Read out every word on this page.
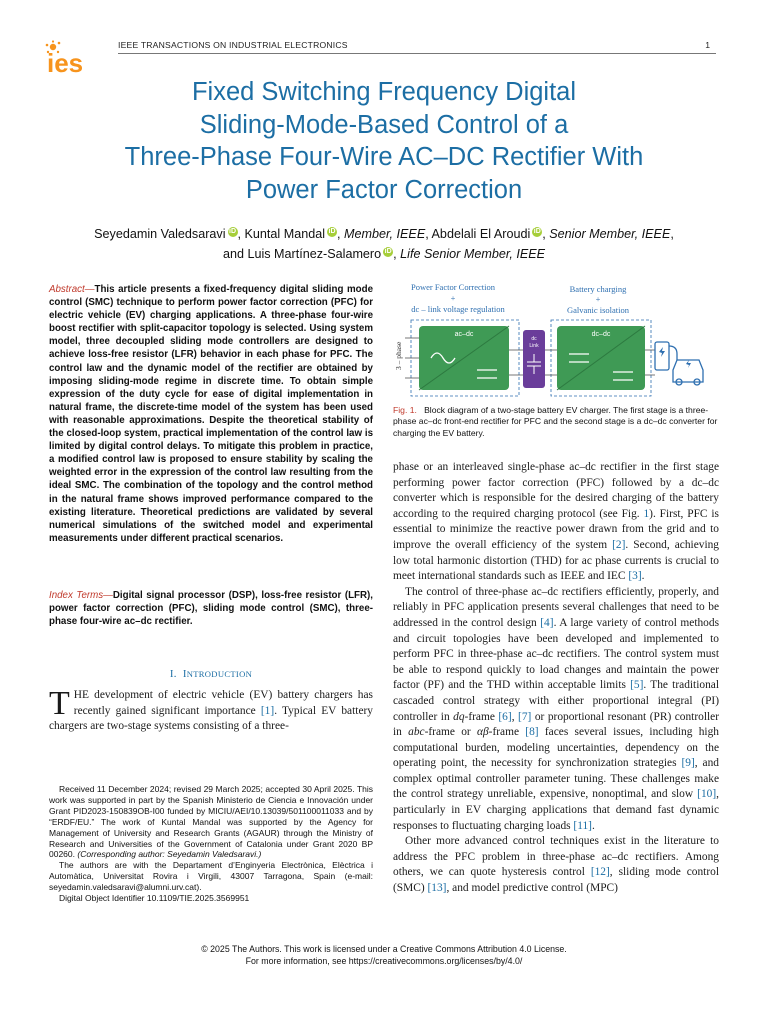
ies
IEEE TRANSACTIONS ON INDUSTRIAL ELECTRONICS	1
Fixed Switching Frequency Digital
Sliding-Mode-Based Control of a
Three-Phase Four-Wire AC–DC Rectifier With
Power Factor Correction
Seyedamin Valedsaravi iD , Kuntal Mandal iD , Member, IEEE, Abdelali El Aroudi iD , Senior Member, IEEE,
and Luis Martínez-Salamero iD , Life Senior Member, IEEE
Abstract—This article presents a fixed-frequency digital sliding mode control (SMC) technique to perform power factor correction (PFC) for electric vehicle (EV) charging applications. A three-phase four-wire boost rectifier with split-capacitor topology is selected. Using system model, three decoupled sliding mode controllers are designed to achieve loss-free resistor (LFR) behavior in each phase for PFC. The control law and the dynamic model of the rectifier are obtained by imposing sliding-mode regime in discrete time. To obtain simple expression of the duty cycle for ease of digital implementation in natural frame, the discrete-time model of the system has been used with reasonable approximations. Despite the theoretical stability of the closed-loop system, practical implementation of the control law is limited by digital control delays. To mitigate this problem in practice, a modified control law is proposed to ensure stability by scaling the weighted error in the expression of the control law resulting from the ideal SMC. The combination of the topology and the control method in the natural frame shows improved performance compared to the existing literature. Theoretical predictions are validated by several numerical simulations of the switched model and experimental measurements under different practical scenarios.
Index Terms—Digital signal processor (DSP), loss-free resistor (LFR), power factor correction (PFC), sliding mode control (SMC), three-phase four-wire ac–dc rectifier.
I. INTRODUCTION
THE development of electric vehicle (EV) battery chargers has recently gained significant importance [1]. Typical EV battery chargers are two-stage systems consisting of a three-

Received 11 December 2024; revised 29 March 2025; accepted 30 April 2025. This work was supported in part by the Spanish Ministerio de Ciencia e Innovación under Grant PID2023-150839OB-I00 funded by MICIU/AEI/10.13039/501100011033 and by “ERDF/EU.” The work of Kuntal Mandal was supported by the Agency for Management of University and Research Grants (AGAUR) through the Ministry of Research and Universities of the Government of Catalonia under Grant 2020 BP 00260. (Corresponding author: Seyedamin Valedsaravi.)

The authors are with the Departament d’Enginyeria Electrònica, Elèctrica i Automàtica, Universitat Rovira i Virgili, 43007 Tarragona, Spain (e-mail: seyedamin.valedsaravi@alumni.urv.cat).

Digital Object Identifier 10.1109/TIE.2025.3569951

Power Factor Correction
+
dc – link voltage regulation
Battery charging
+
Galvanic isolation
3 – phase
ac–dc
dc
Link
dc–dc
Fig. 1. Block diagram of a two-stage battery EV charger. The first stage is a three-phase ac–dc front-end rectifier for PFC and the second stage is a dc–dc converter for charging the EV battery.

phase or an interleaved single-phase ac–dc rectifier in the first stage performing power factor correction (PFC) followed by a dc–dc converter which is responsible for the desired charging of the battery according to the required charging protocol (see Fig. 1). First, PFC is essential to minimize the reactive power drawn from the grid and to improve the overall efficiency of the system [2]. Second, achieving low total harmonic distortion (THD) for ac phase currents is crucial to meet international standards such as IEEE and IEC [3].

The control of three-phase ac–dc rectifiers efficiently, properly, and reliably in PFC application presents several challenges that need to be addressed in the control design [4]. A large variety of control methods and circuit topologies have been developed and implemented to perform PFC in three-phase ac–dc rectifiers. The control system must be able to respond quickly to load changes and maintain the power factor (PF) and the THD within acceptable limits [5]. The traditional cascaded control strategy with either proportional integral (PI) controller in dq-frame [6], [7] or proportional resonant (PR) controller in abc-frame or αβ-frame [8] faces several issues, including high computational burden, modeling uncertainties, dependency on the operating point, the necessity for synchronization strategies [9], and complex optimal controller parameter tuning. These challenges make the control strategy unreliable, expensive, nonoptimal, and slow [10], particularly in EV charging applications that demand fast dynamic responses to fluctuating charging loads [11].

Other more advanced control techniques exist in the literature to address the PFC problem in three-phase ac–dc rectifiers. Among others, we can quote hysteresis control [12], sliding mode control (SMC) [13], and model predictive control (MPC)

© 2025 The Authors. This work is licensed under a Creative Commons Attribution 4.0 License.
For more information, see https://creativecommons.org/licenses/by/4.0/
